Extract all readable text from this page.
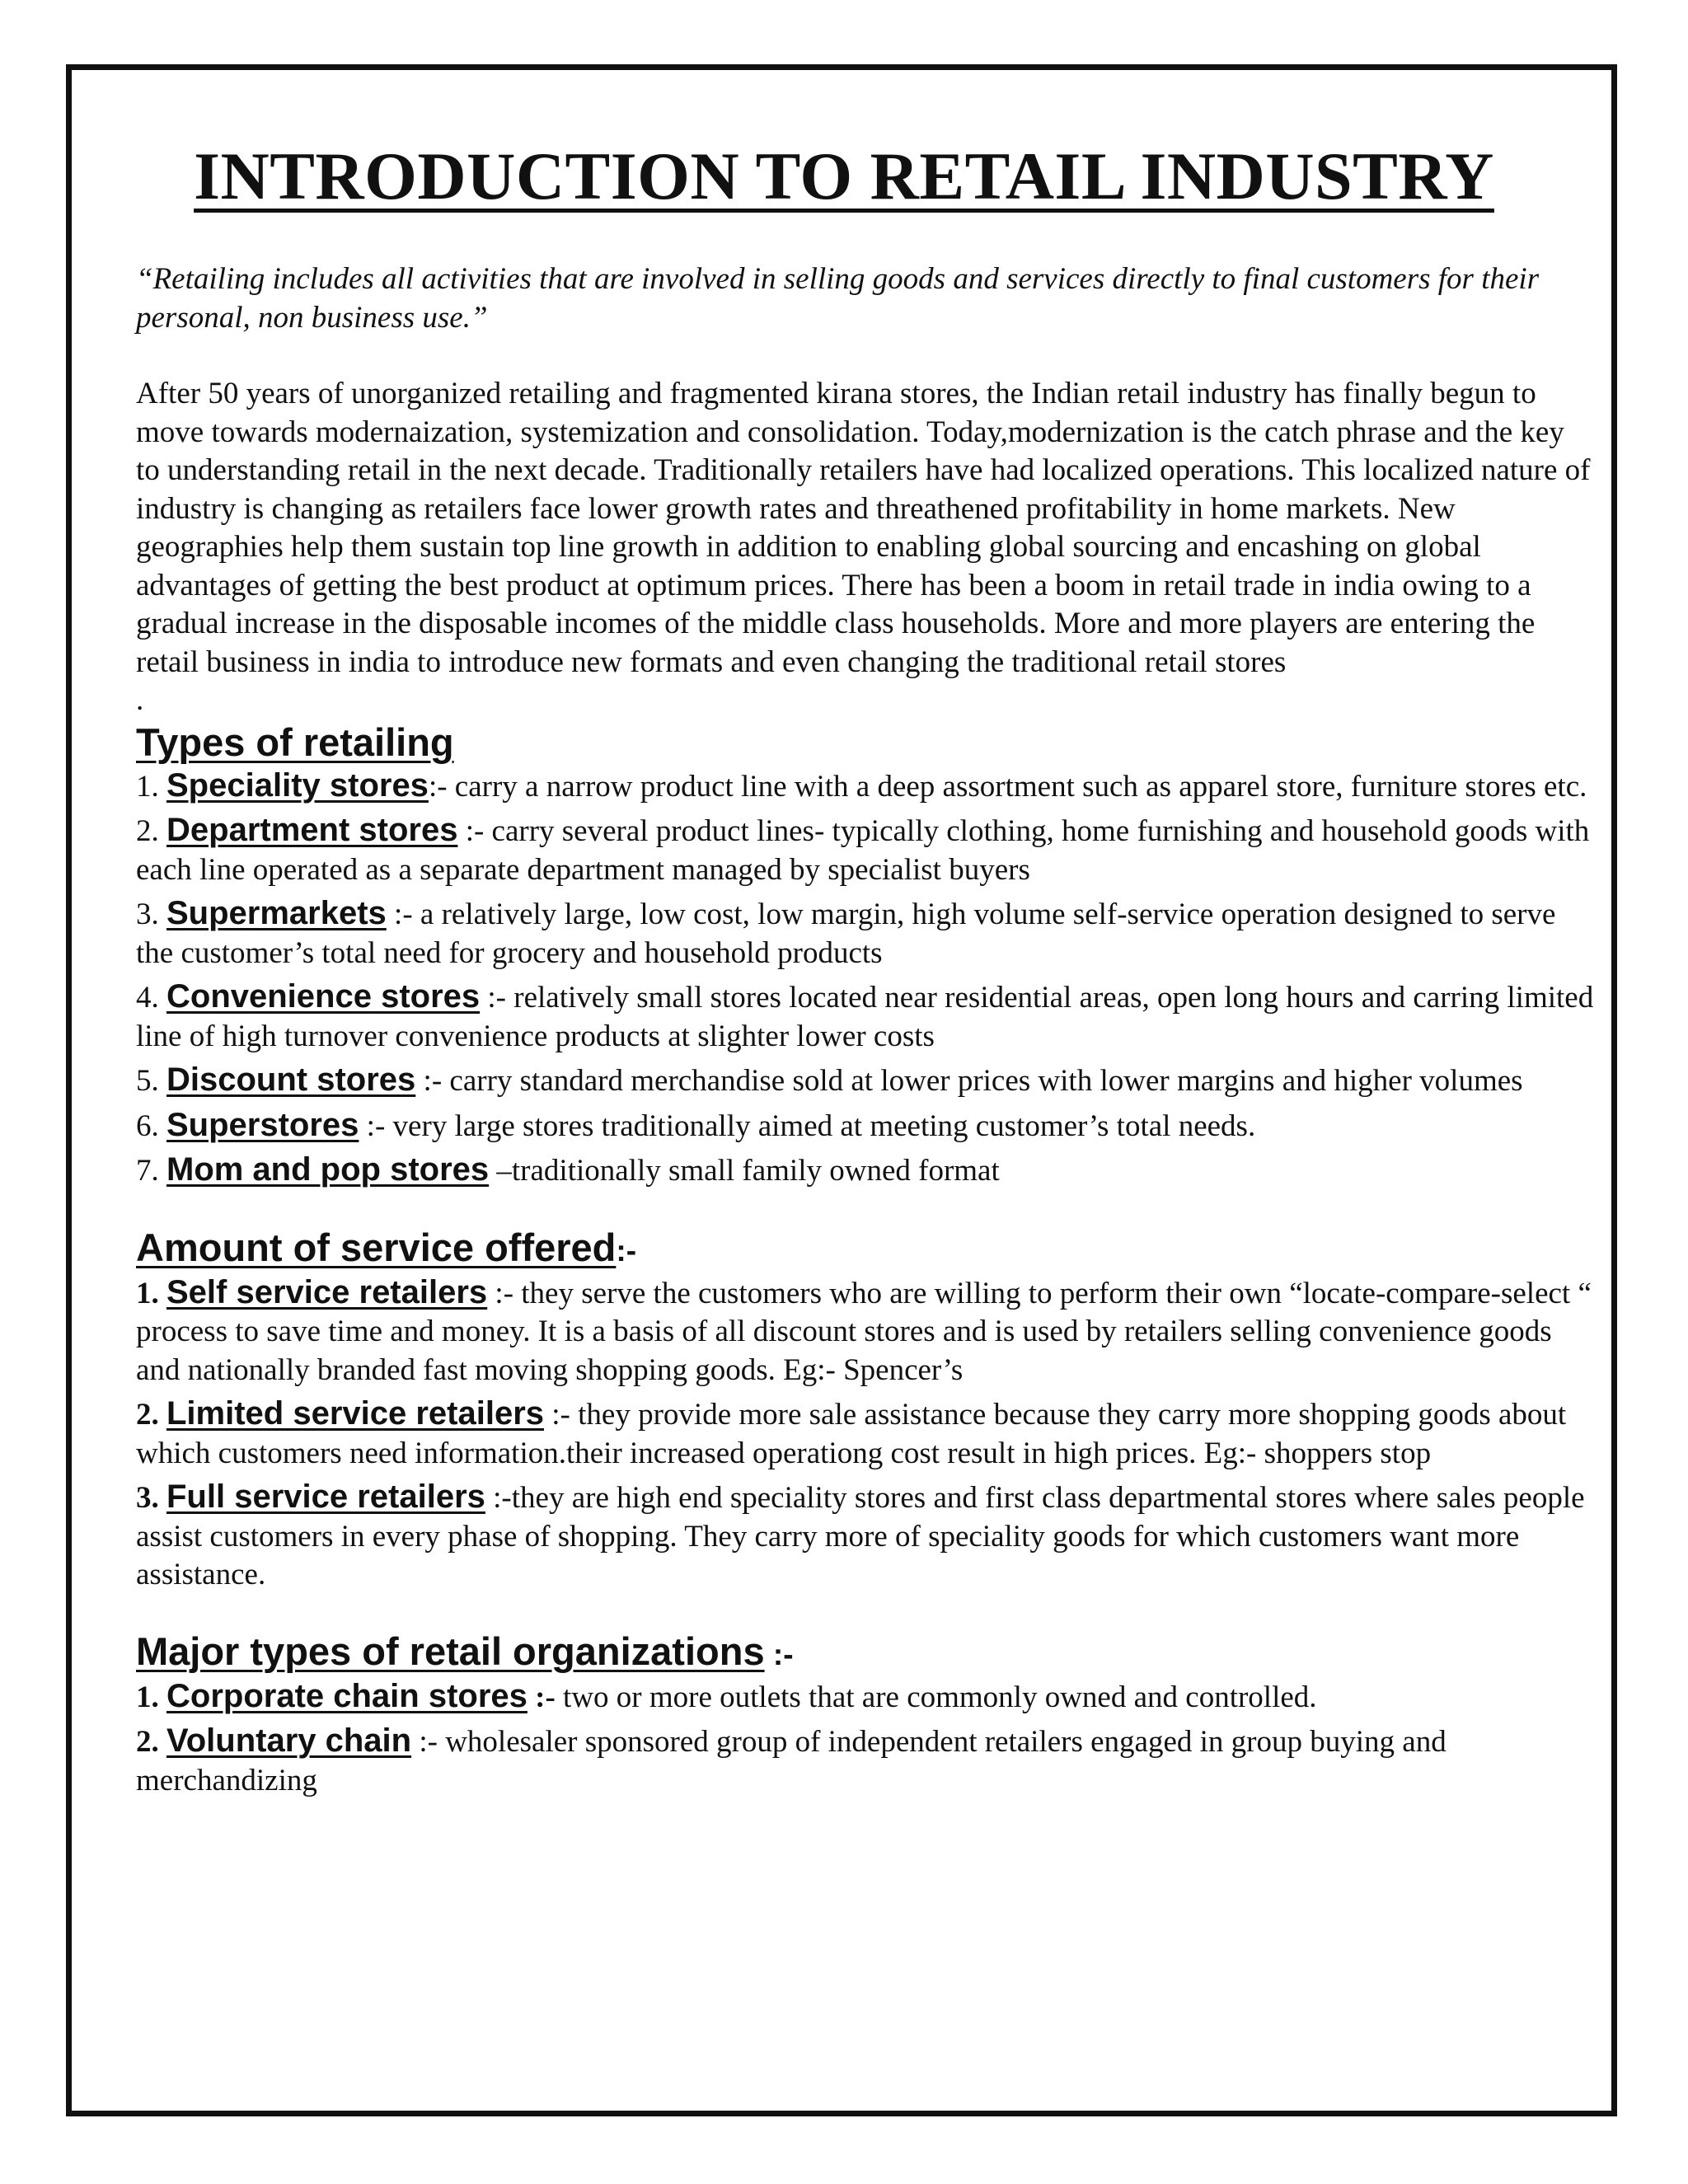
INTRODUCTION TO RETAIL INDUSTRY

“Retailing includes all activities that are involved in selling goods and services directly to final customers for their personal, non business use.”

After 50 years of unorganized retailing and fragmented kirana stores, the Indian retail industry has finally begun to move towards modernaization, systemization and consolidation. Today,modernization is the catch phrase and the key to understanding retail in the next decade. Traditionally retailers have had localized operations. This localized nature of industry is changing as retailers face lower growth rates and threathened profitability in home markets. New geographies help them sustain top line growth in addition to enabling global sourcing and encashing on global advantages of getting the best product at optimum prices. There has been a boom in retail trade in india owing to a gradual increase in the disposable incomes of the middle class households. More and more players are entering the retail business in india to introduce new formats and even changing the traditional retail stores

.

Types of retailing

1. Speciality stores:- carry a narrow product line with a deep assortment such as apparel store, furniture stores etc.

2. Department stores :- carry several product lines- typically clothing, home furnishing and household goods with each line operated as a separate department managed by specialist buyers

3. Supermarkets :- a relatively large, low cost, low margin, high volume self-service operation designed to serve the customer’s total need for grocery and household products

4. Convenience stores :- relatively small stores located near residential areas, open long hours and carring limited line of high turnover convenience products at slighter lower costs

5. Discount stores :- carry standard merchandise sold at lower prices with lower margins and higher volumes

6. Superstores :- very large stores traditionally aimed at meeting customer’s total needs.

7. Mom and pop stores –traditionally small family owned format

Amount of service offered:-

1. Self service retailers :- they serve the customers who are willing to perform their own “locate-compare-select “ process to save time and money. It is a basis of all discount stores and is used by retailers selling convenience goods and nationally branded fast moving shopping goods. Eg:- Spencer’s

2. Limited service retailers :- they provide more sale assistance because they carry more shopping goods about which customers need information.their increased operationg cost result in high prices. Eg:- shoppers stop

3. Full service retailers :-they are high end speciality stores and first class departmental stores where sales people assist customers in every phase of shopping. They carry more of speciality goods for which customers want more assistance.

Major types of retail organizations :-

1. Corporate chain stores :- two or more outlets that are commonly owned and controlled.

2. Voluntary chain :- wholesaler sponsored group of independent retailers engaged in group buying and merchandizing
